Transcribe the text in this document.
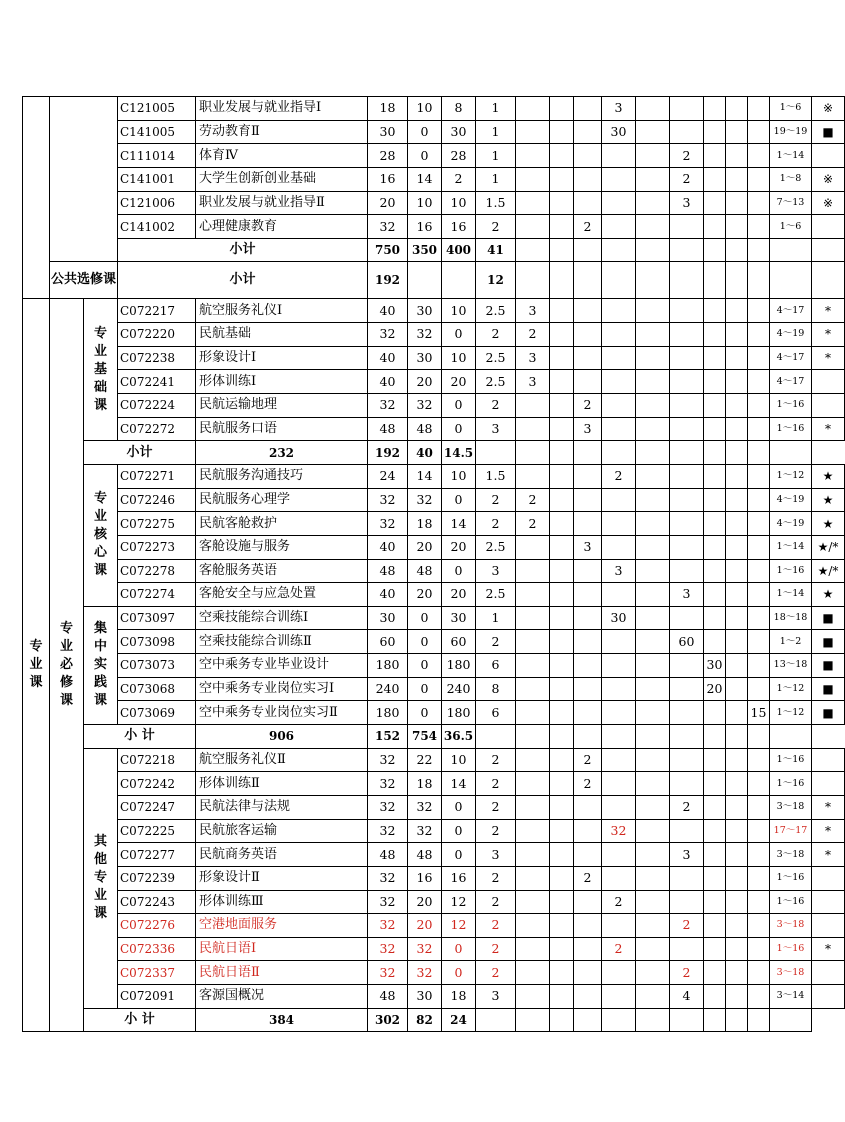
			C121005	职业发展与就业指导Ⅰ	18	10	8	1				3						1～6	※
			C141005	劳动教育Ⅱ	30	0	30	1				30						19～19	■
			C111014	体育Ⅳ	28	0	28	1						2				1～14	
			C141001	大学生创新创业基础	16	14	2	1						2				1～8	※
			C121006	职业发展与就业指导Ⅱ	20	10	10	1.5						3				7～13	※
			C141002	心理健康教育	32	16	16	2			2							1～6	
			小计		750	350	400	41											
	公共选修课		小计		192			12											

专业课	专业必修课	专业基础课	C072217	航空服务礼仪Ⅰ	40	30	10	2.5	3									4～17	*
			C072220	民航基础	32	32	0	2	2									4～19	*
			C072238	形象设计Ⅰ	40	30	10	2.5	3									4～17	*
			C072241	形体训练Ⅰ	40	20	20	2.5	3									4～17	
			C072224	民航运输地理	32	32	0	2			2							1～16	
			C072272	民航服务口语	48	48	0	3			3							1～16	*
		小计		232	192	40	14.5												

		专业核心课	C072271	民航服务沟通技巧	24	14	10	1.5				2						1～12	★
			C072246	民航服务心理学	32	32	0	2	2									4～19	★
			C072275	民航客舱救护	32	18	14	2	2									4～19	★
			C072273	客舱设施与服务	40	20	20	2.5			3							1～14	★/*
			C072278	客舱服务英语	48	48	0	3				3						1～16	★/*
			C072274	客舱安全与应急处置	40	20	20	2.5						3				1～14	★

		集中实践课	C073097	空乘技能综合训练Ⅰ	30	0	30	1				30						18～18	■
			C073098	空乘技能综合训练Ⅱ	60	0	60	2						60				1～2	■
			C073073	空中乘务专业毕业设计	180	0	180	6							30			13～18	■
			C073068	空中乘务专业岗位实习Ⅰ	240	0	240	8							20			1～12	■
			C073069	空中乘务专业岗位实习Ⅱ	180	0	180	6									15	1～12	■
		小 计		906	152	754	36.5												

		其他专业课	C072218	航空服务礼仪Ⅱ	32	22	10	2			2							1～16	
			C072242	形体训练Ⅱ	32	18	14	2			2							1～16	
			C072247	民航法律与法规	32	32	0	2						2				3～18	*
			C072225	民航旅客运输	32	32	0	2				32						17～17	*
			C072277	民航商务英语	48	48	0	3						3				3～18	*
			C072239	形象设计Ⅱ	32	16	16	2			2							1～16	
			C072243	形体训练Ⅲ	32	20	12	2				2						1～16	
			C072276	空港地面服务	32	20	12	2						2				3～18	
			C072336	民航日语Ⅰ	32	32	0	2				2						1～16	*
			C072337	民航日语Ⅱ	32	32	0	2						2				3～18	
			C072091	客源国概况	48	30	18	3						4				3～14	
		小 计		384	302	82	24												
